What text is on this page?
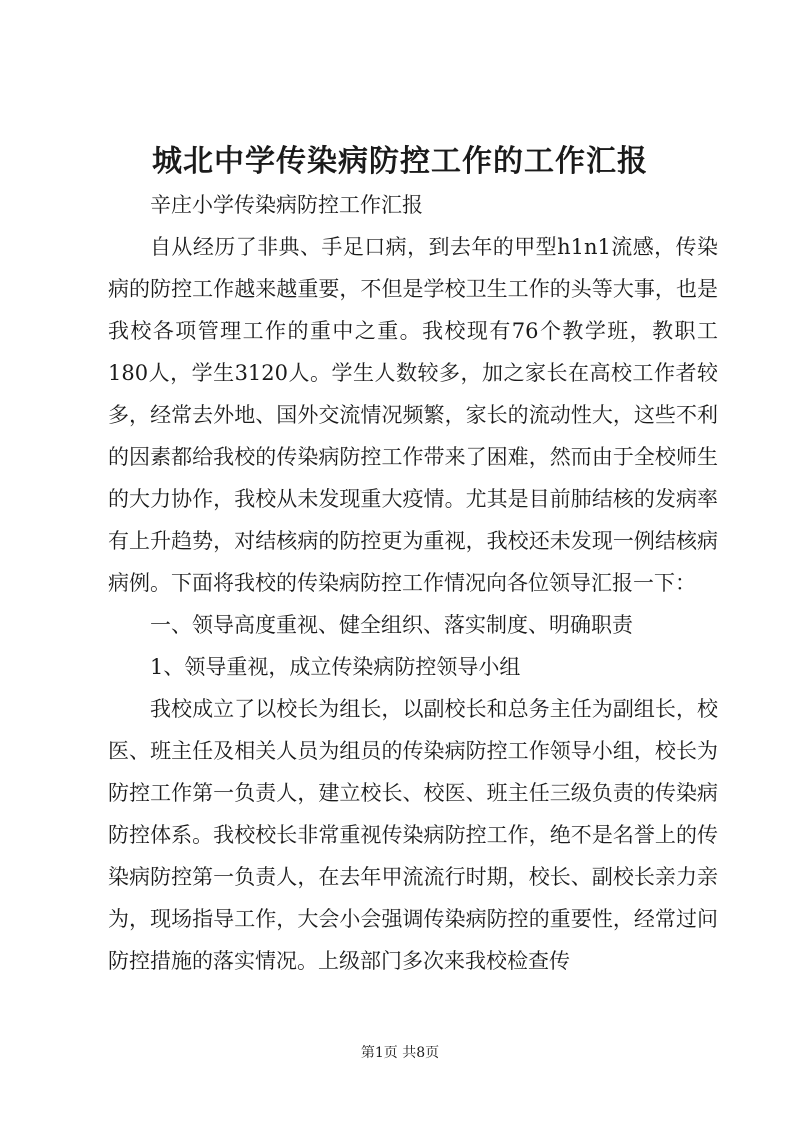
城北中学传染病防控工作的工作汇报

辛庄小学传染病防控工作汇报

自从经历了非典、手足口病，到去年的甲型h1n1流感，传染病的防控工作越来越重要，不但是学校卫生工作的头等大事，也是我校各项管理工作的重中之重。我校现有76个教学班，教职工180人，学生3120人。学生人数较多，加之家长在高校工作者较多，经常去外地、国外交流情况频繁，家长的流动性大，这些不利的因素都给我校的传染病防控工作带来了困难，然而由于全校师生的大力协作，我校从未发现重大疫情。尤其是目前肺结核的发病率有上升趋势，对结核病的防控更为重视，我校还未发现一例结核病病例。下面将我校的传染病防控工作情况向各位领导汇报一下：

一、领导高度重视、健全组织、落实制度、明确职责

1、领导重视，成立传染病防控领导小组

我校成立了以校长为组长，以副校长和总务主任为副组长，校医、班主任及相关人员为组员的传染病防控工作领导小组，校长为防控工作第一负责人，建立校长、校医、班主任三级负责的传染病防控体系。我校校长非常重视传染病防控工作，绝不是名誉上的传染病防控第一负责人，在去年甲流流行时期，校长、副校长亲力亲为，现场指导工作，大会小会强调传染病防控的重要性，经常过问防控措施的落实情况。上级部门多次来我校检查传

第1页 共8页
